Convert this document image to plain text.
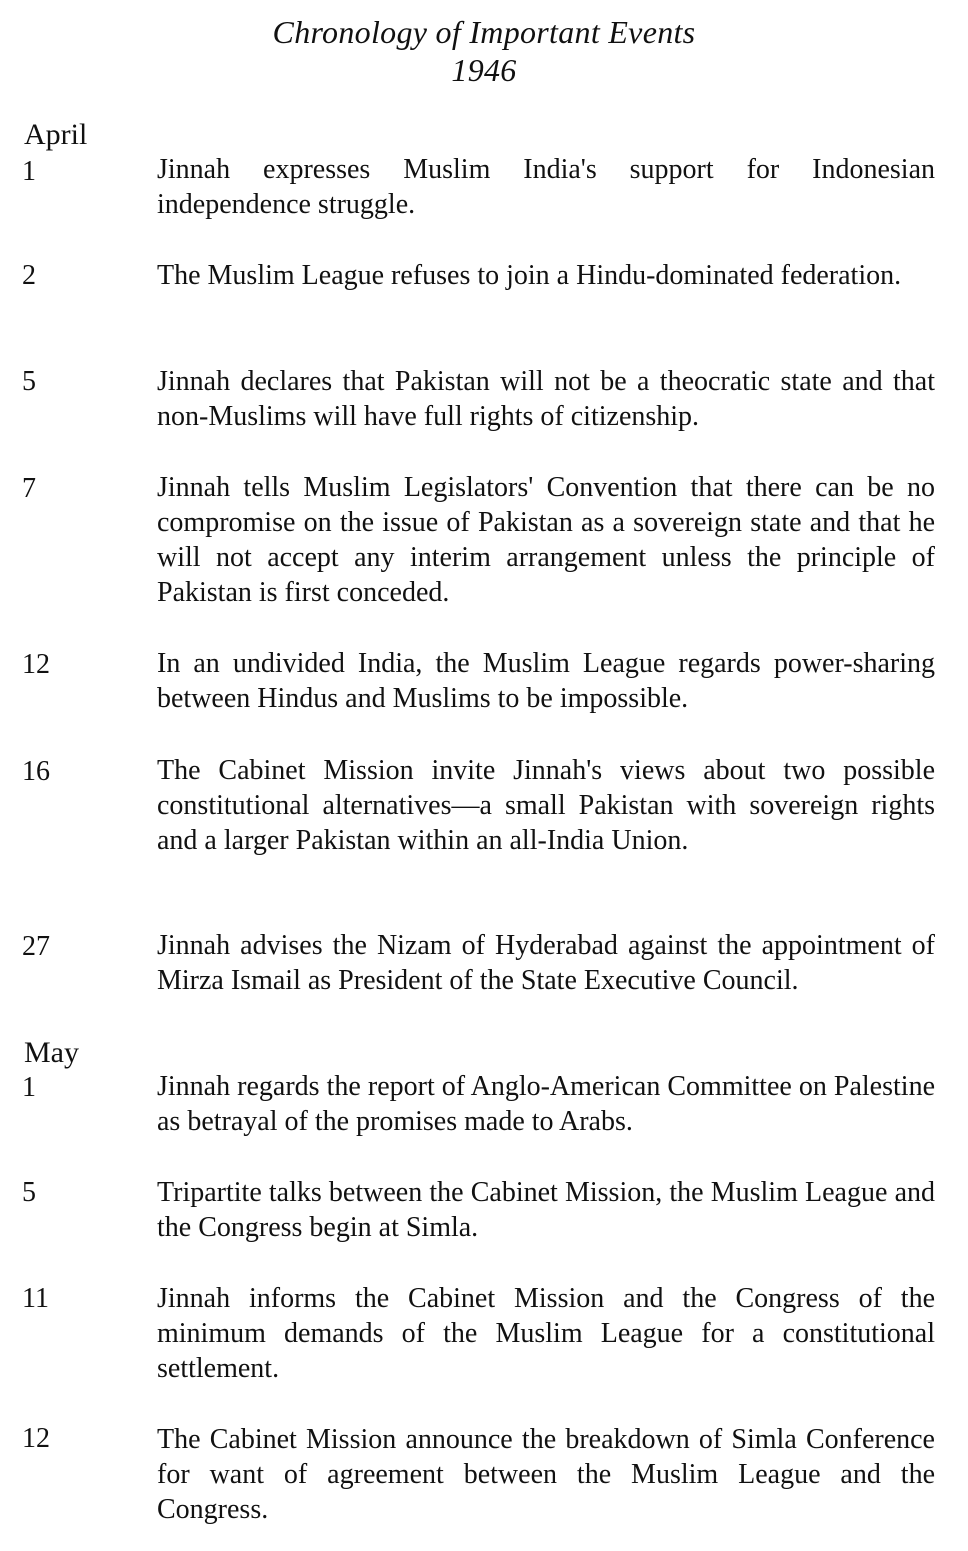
Chronology of Important Events
1946
April
1	Jinnah expresses Muslim India's support for Indonesian independence struggle.
2	The Muslim League refuses to join a Hindu-dominated federation.
5	Jinnah declares that Pakistan will not be a theocratic state and that non-Muslims will have full rights of citizenship.
7	Jinnah tells Muslim Legislators' Convention that there can be no compromise on the issue of Pakistan as a sovereign state and that he will not accept any interim arrangement unless the principle of Pakistan is first conceded.
12	In an undivided India, the Muslim League regards power-sharing between Hindus and Muslims to be impossible.
16	The Cabinet Mission invite Jinnah's views about two possible constitutional alternatives—a small Pakistan with sovereign rights and a larger Pakistan within an all-India Union.
27	Jinnah advises the Nizam of Hyderabad against the appointment of Mirza Ismail as President of the State Executive Council.
May
1	Jinnah regards the report of Anglo-American Committee on Palestine as betrayal of the promises made to Arabs.
5	Tripartite talks between the Cabinet Mission, the Muslim League and the Congress begin at Simla.
11	Jinnah informs the Cabinet Mission and the Congress of the minimum demands of the Muslim League for a constitutional settlement.
12	The Cabinet Mission announce the breakdown of Simla Conference for want of agreement between the Muslim League and the Congress.
